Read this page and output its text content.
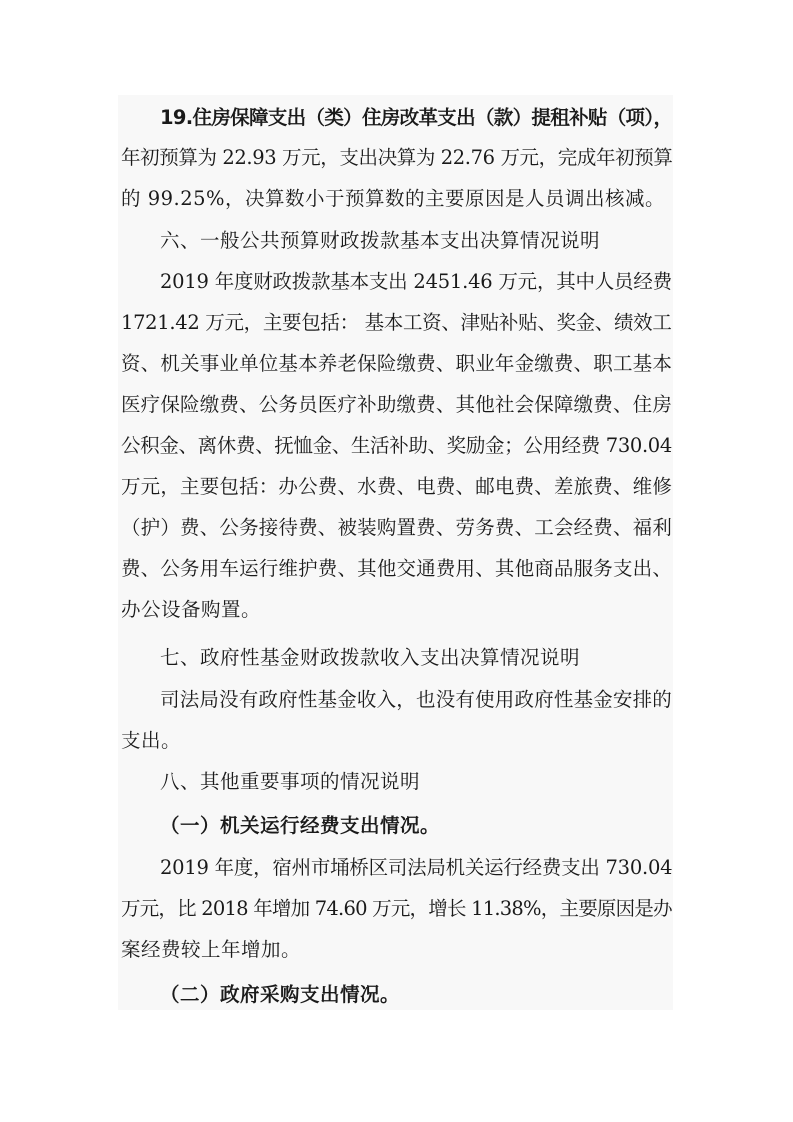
19.住房保障支出（类）住房改革支出（款）提租补贴（项），
年初预算为 22.93 万元，支出决算为 22.76 万元，完成年初预算
的 99.25%，决算数小于预算数的主要原因是人员调出核减。
六、一般公共预算财政拨款基本支出决算情况说明
2019 年度财政拨款基本支出 2451.46 万元，其中人员经费
1721.42 万元，主要包括： 基本工资、津贴补贴、奖金、绩效工
资、机关事业单位基本养老保险缴费、职业年金缴费、职工基本
医疗保险缴费、公务员医疗补助缴费、其他社会保障缴费、住房
公积金、离休费、抚恤金、生活补助、奖励金；公用经费 730.04
万元，主要包括：办公费、水费、电费、邮电费、差旅费、维修
（护）费、公务接待费、被装购置费、劳务费、工会经费、福利
费、公务用车运行维护费、其他交通费用、其他商品服务支出、
办公设备购置。
七、政府性基金财政拨款收入支出决算情况说明
司法局没有政府性基金收入，也没有使用政府性基金安排的
支出。
八、其他重要事项的情况说明
（一）机关运行经费支出情况。
2019 年度，宿州市埇桥区司法局机关运行经费支出 730.04
万元，比 2018 年增加 74.60 万元，增长 11.38%，主要原因是办
案经费较上年增加。
（二）政府采购支出情况。
